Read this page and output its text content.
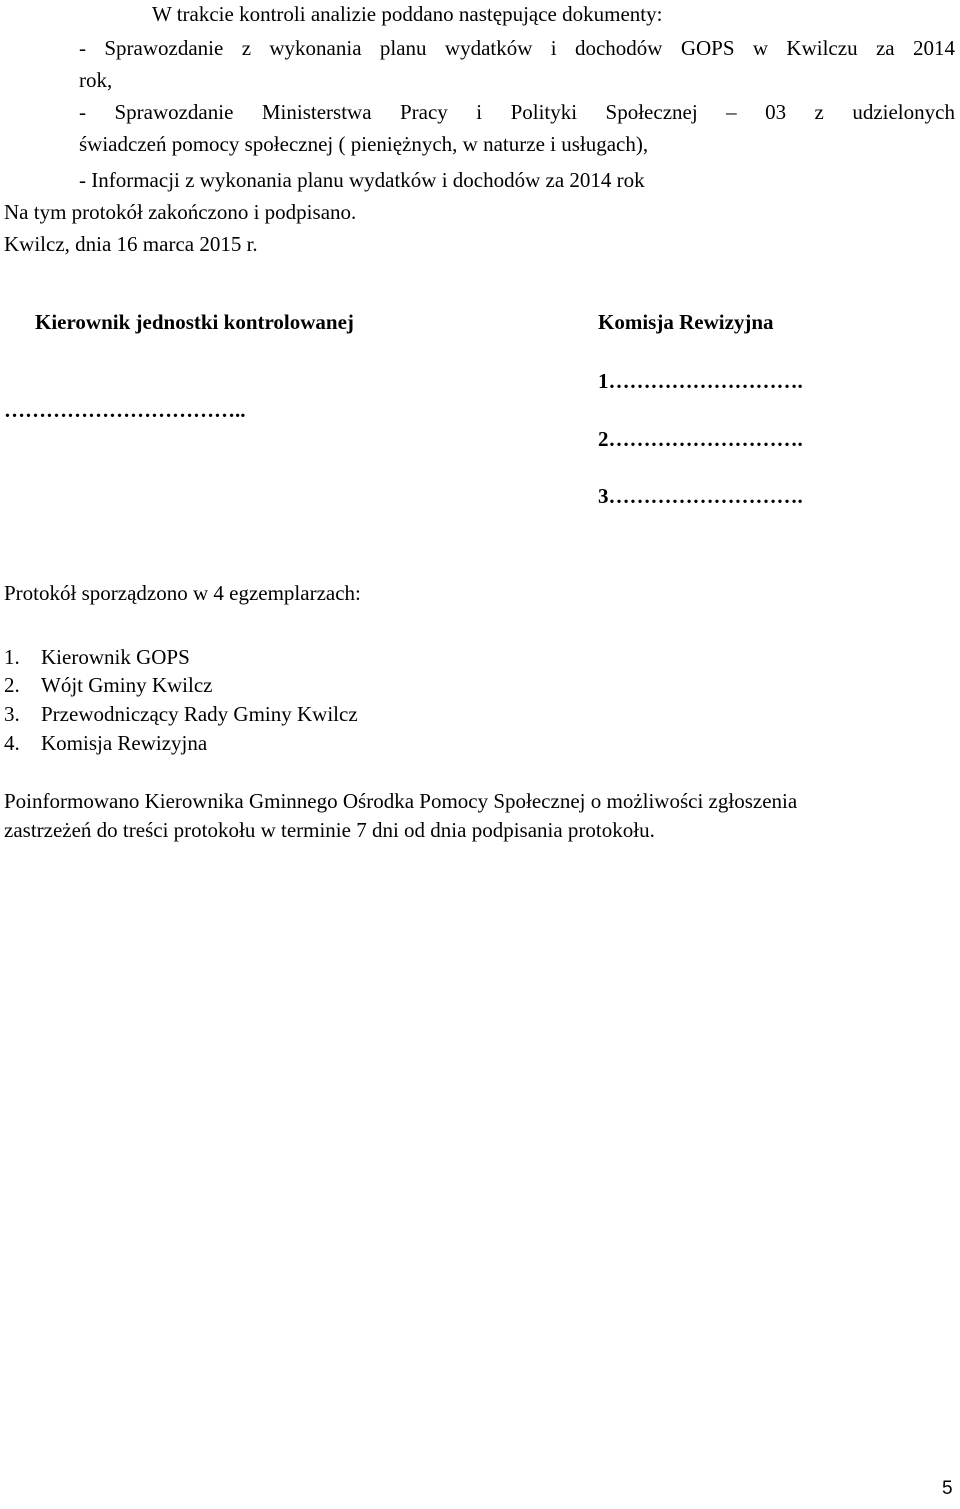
W trakcie kontroli analizie poddano następujące dokumenty:

- Sprawozdanie z wykonania planu wydatków i dochodów GOPS w Kwilczu za 2014

rok,

- Sprawozdanie Ministerstwa Pracy i Polityki Społecznej – 03 z udzielonych

świadczeń pomocy społecznej ( pieniężnych, w naturze i usługach),

- Informacji z wykonania planu wydatków i dochodów za 2014 rok

Na tym protokół zakończono i podpisano.

Kwilcz, dnia 16 marca 2015 r.

Kierownik jednostki kontrolowanej

……………………………..

Komisja Rewizyjna

1……………………….

2……………………….

3……………………….

Protokół sporządzono w 4 egzemplarzach:

1. Kierownik GOPS
2. Wójt Gminy Kwilcz
3. Przewodniczący Rady Gminy Kwilcz
4. Komisja Rewizyjna

Poinformowano Kierownika Gminnego Ośrodka Pomocy Społecznej o możliwości zgłoszenia

zastrzeżeń do treści protokołu w terminie 7 dni od dnia podpisania protokołu.

5
